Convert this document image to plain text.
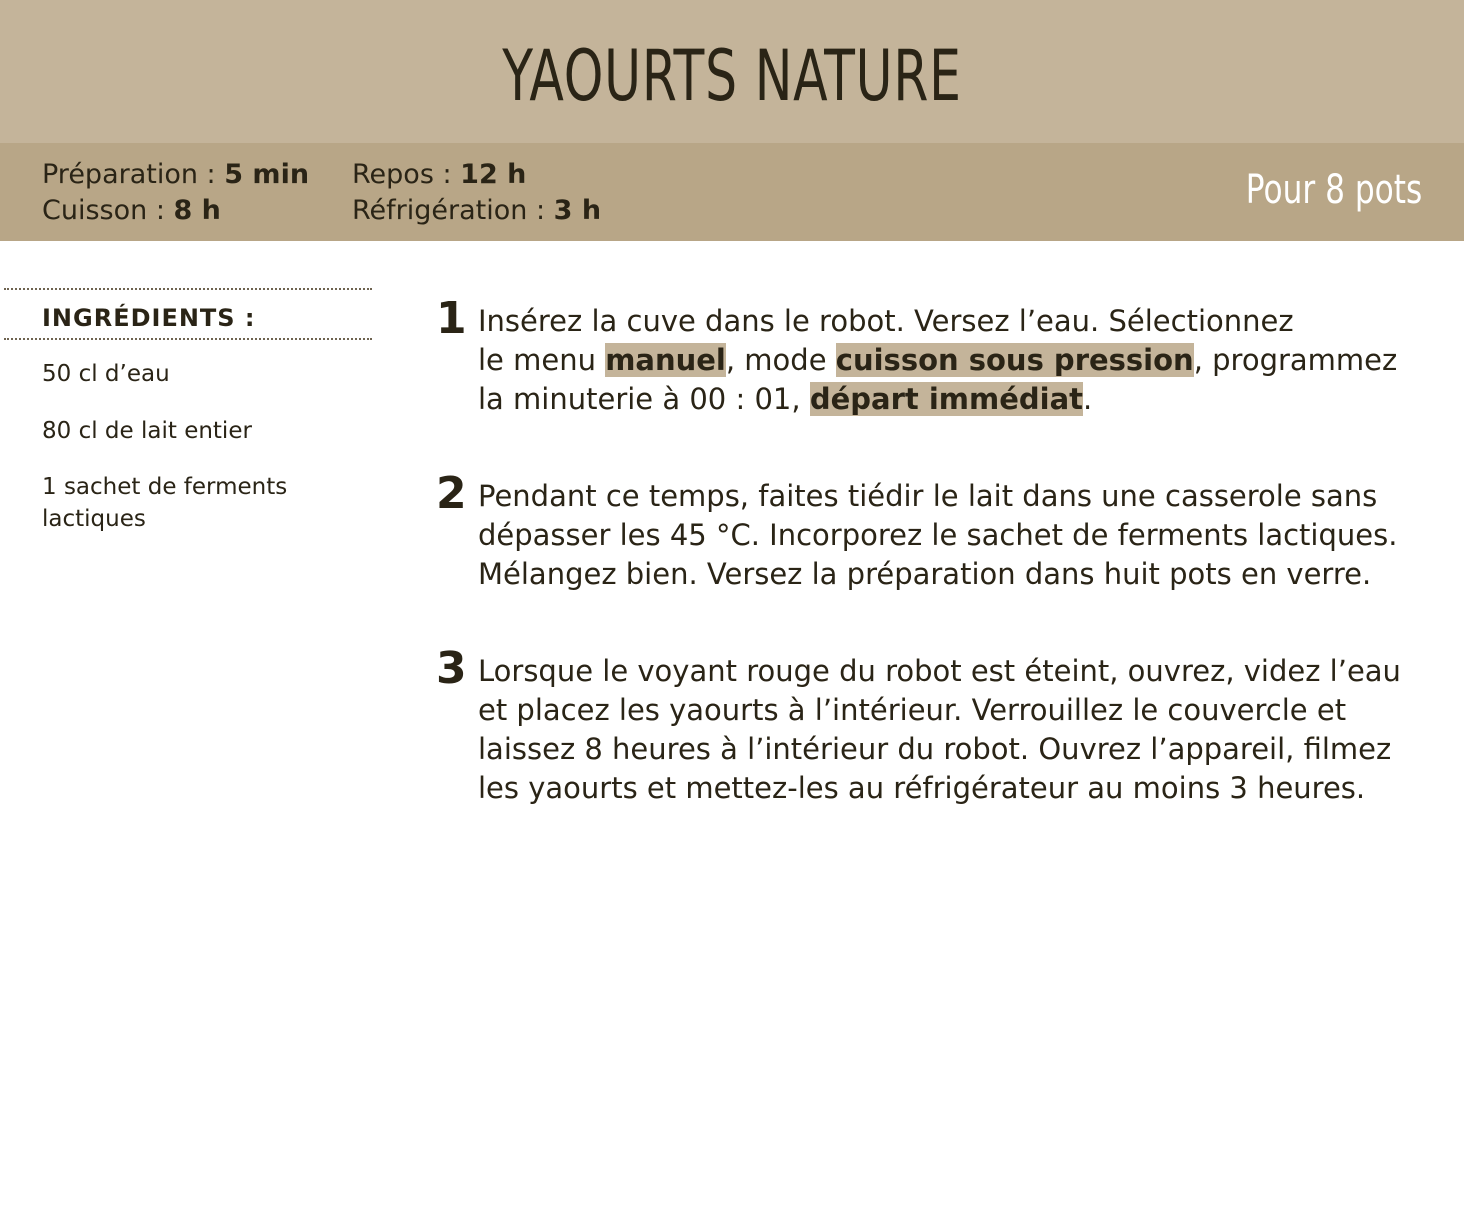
YAOURTS NATURE
Préparation : 5 min
Cuisson : 8 h
Repos : 12 h
Réfrigération : 3 h	Pour 8 pots
INGRÉDIENTS :
50 cl d’eau
80 cl de lait entier
1 sachet de ferments lactiques
1 Insérez la cuve dans le robot. Versez l’eau. Sélectionnez
le menu manuel, mode cuisson sous pression, programmez
la minuterie à 00 : 01, départ immédiat.
2 Pendant ce temps, faites tiédir le lait dans une casserole sans
dépasser les 45 °C. Incorporez le sachet de ferments lactiques.
Mélangez bien. Versez la préparation dans huit pots en verre.
3 Lorsque le voyant rouge du robot est éteint, ouvrez, videz l’eau
et placez les yaourts à l’intérieur. Verrouillez le couvercle et
laissez 8 heures à l’intérieur du robot. Ouvrez l’appareil, filmez
les yaourts et mettez-les au réfrigérateur au moins 3 heures.
